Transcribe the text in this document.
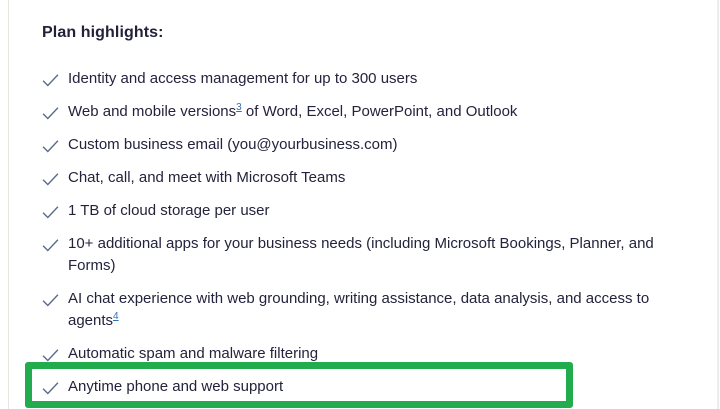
Plan highlights:
Identity and access management for up to 300 users
Web and mobile versions$^3$ of Word, Excel, PowerPoint, and Outlook
Custom business email (you@yourbusiness.com)
Chat, call, and meet with Microsoft Teams
1 TB of cloud storage per user
10+ additional apps for your business needs (including Microsoft Bookings, Planner, and
Forms)
AI chat experience with web grounding, writing assistance, data analysis, and access to
agents$^4$
Automatic spam and malware filtering
Anytime phone and web support
